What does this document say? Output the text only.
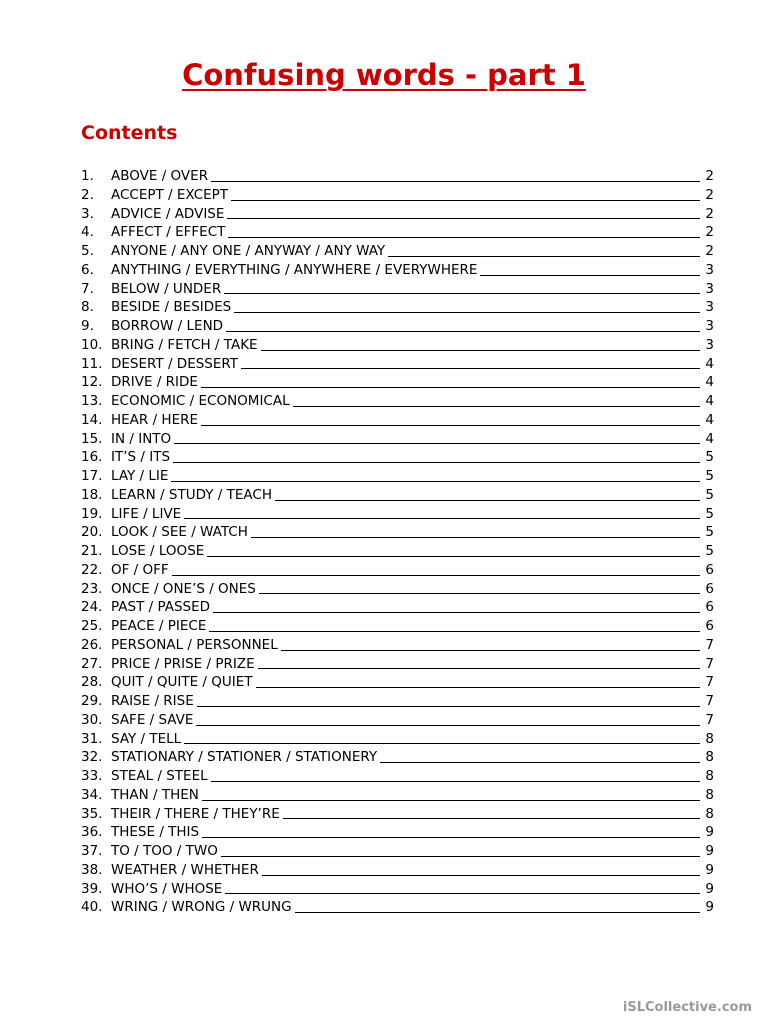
Confusing words - part 1
Contents
1.	ABOVE / OVER	2
2.	ACCEPT / EXCEPT	2
3.	ADVICE / ADVISE	2
4.	AFFECT / EFFECT	2
5.	ANYONE / ANY ONE / ANYWAY / ANY WAY	2
6.	ANYTHING / EVERYTHING / ANYWHERE / EVERYWHERE	3
7.	BELOW / UNDER	3
8.	BESIDE / BESIDES	3
9.	BORROW / LEND	3
10. BRING / FETCH / TAKE	3
11. DESERT / DESSERT	4
12. DRIVE / RIDE	4
13. ECONOMIC / ECONOMICAL	4
14. HEAR / HERE	4
15. IN / INTO	4
16. IT’S / ITS	5
17. LAY / LIE	5
18. LEARN / STUDY / TEACH	5
19. LIFE / LIVE	5
20. LOOK / SEE / WATCH	5
21. LOSE / LOOSE	5
22. OF / OFF	6
23. ONCE / ONE’S / ONES	6
24. PAST / PASSED	6
25. PEACE / PIECE	6
26. PERSONAL / PERSONNEL	7
27. PRICE / PRISE / PRIZE	7
28. QUIT / QUITE / QUIET	7
29. RAISE / RISE	7
30. SAFE / SAVE	7
31. SAY / TELL	8
32. STATIONARY / STATIONER / STATIONERY	8
33. STEAL / STEEL	8
34. THAN / THEN	8
35. THEIR / THERE / THEY’RE	8
36. THESE / THIS	9
37. TO / TOO / TWO	9
38. WEATHER / WHETHER	9
39. WHO’S / WHOSE	9
40. WRING / WRONG / WRUNG	9
iSLCollective.com
